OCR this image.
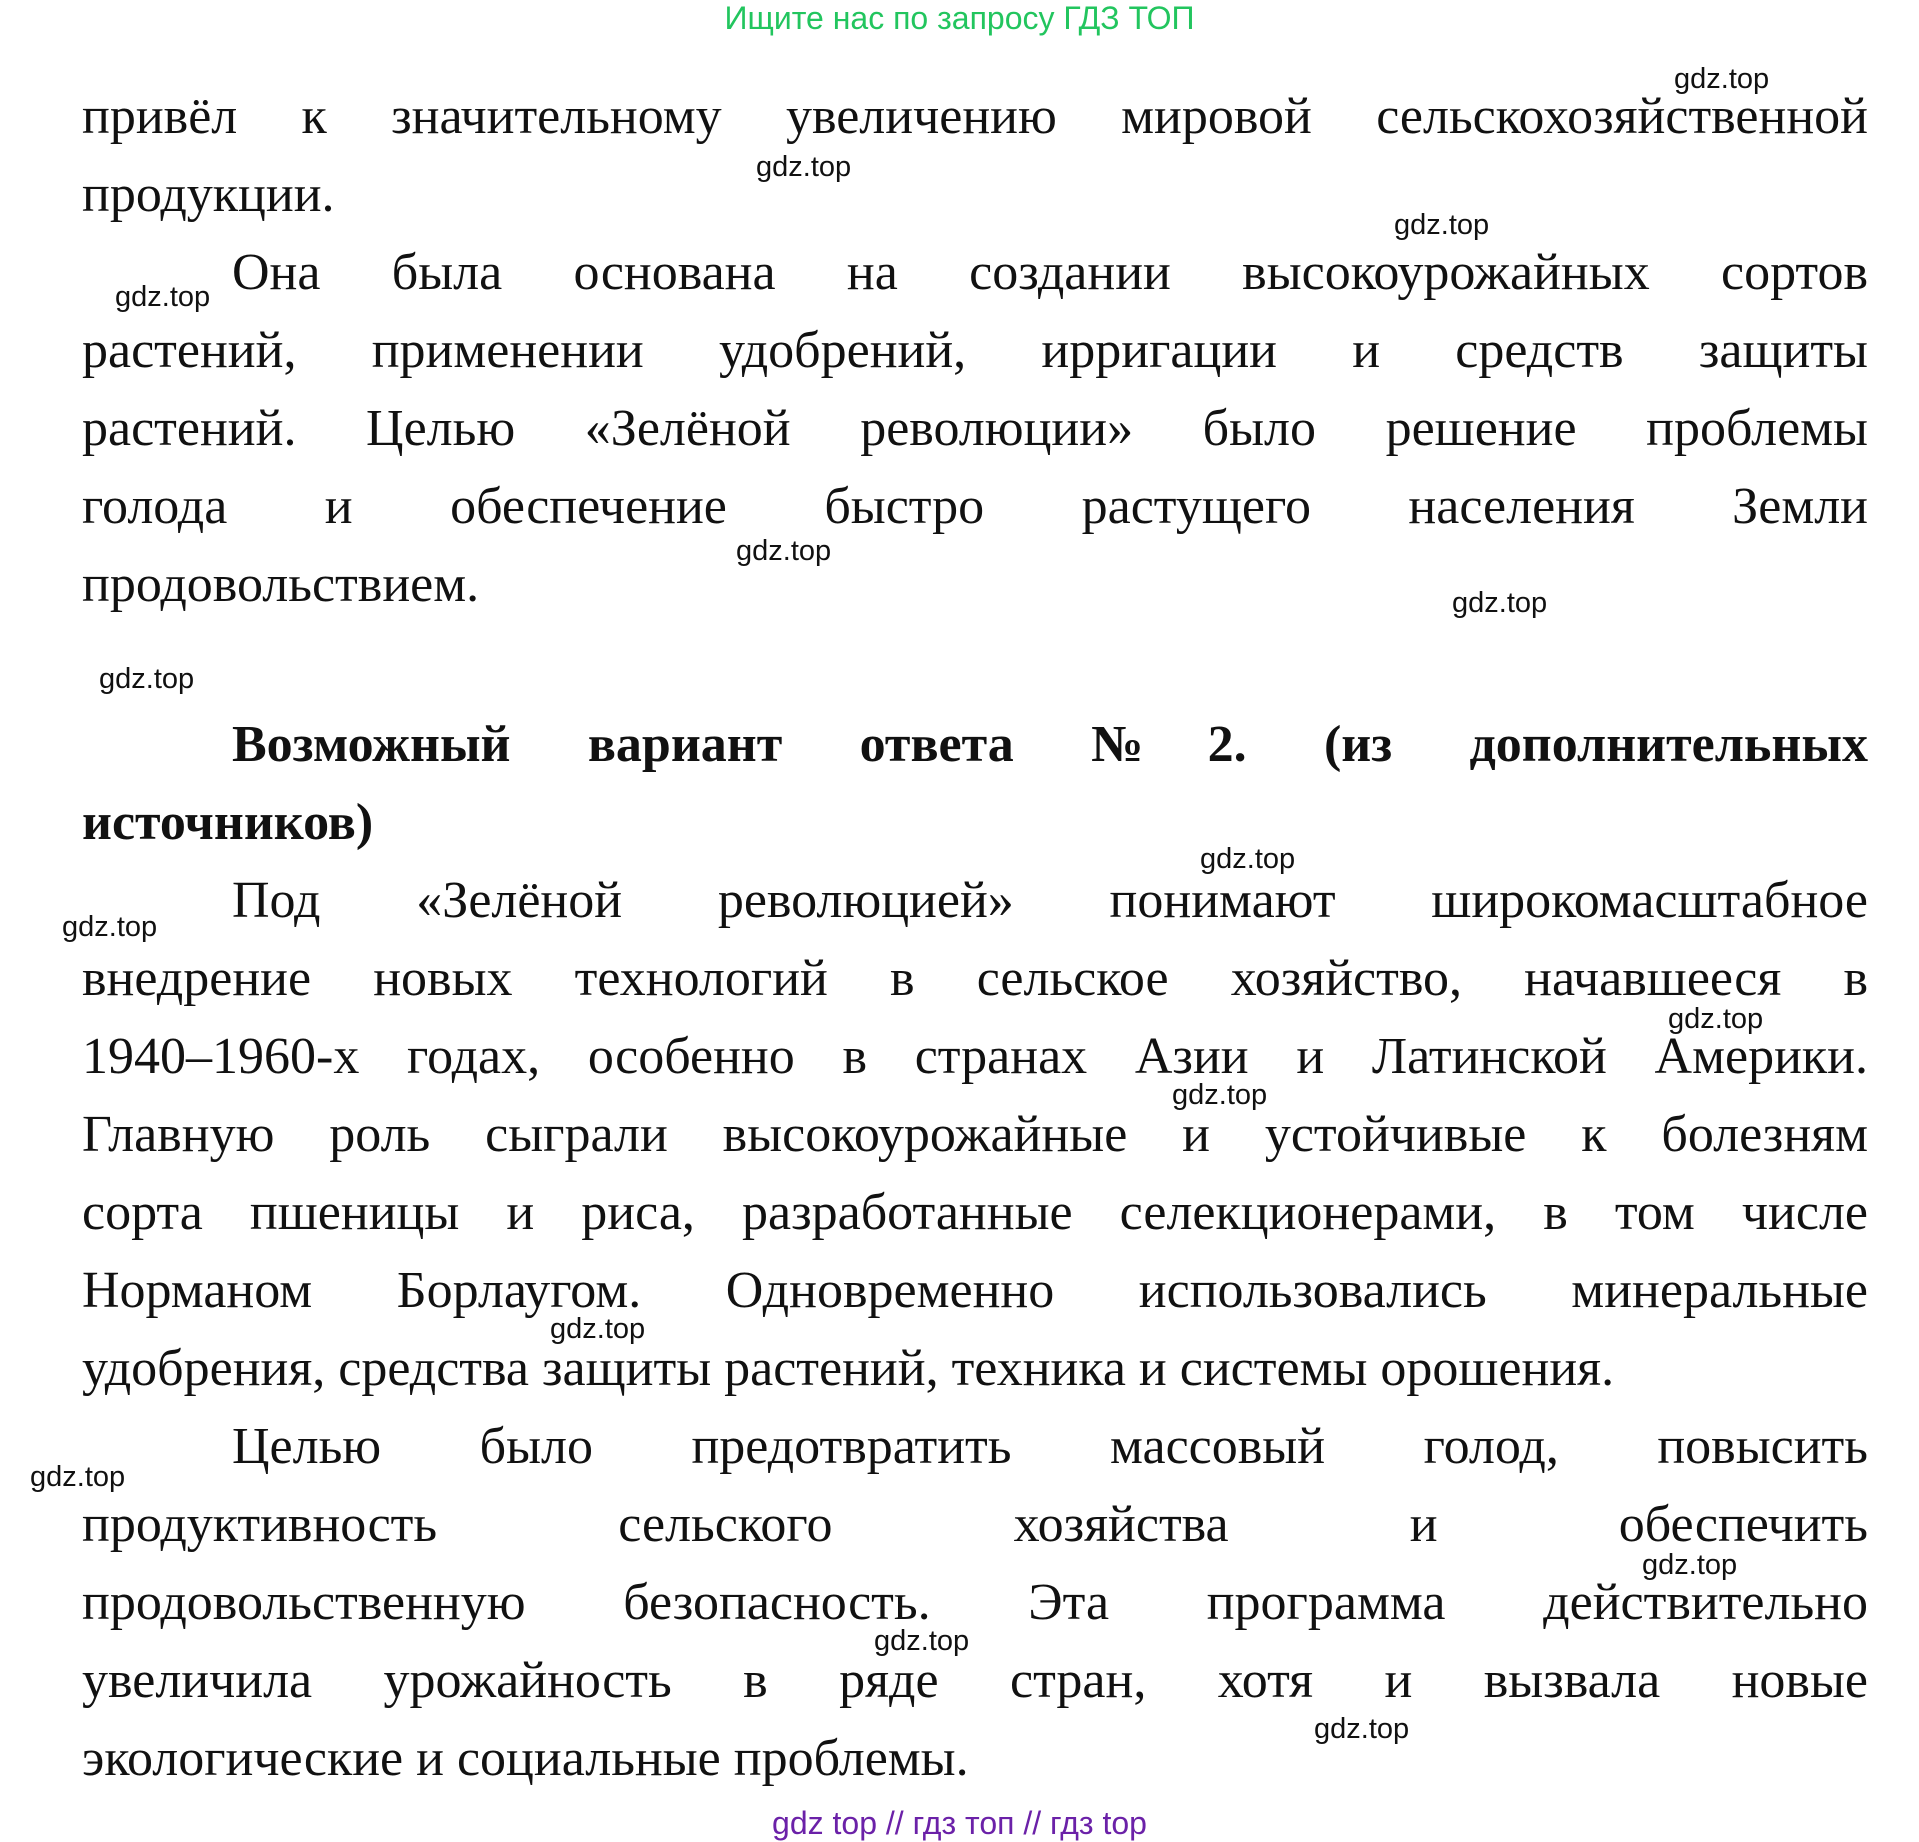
Ищите нас по запросу ГДЗ ТОП
привёл к значительному увеличению мировой сельскохозяйственной
продукции.
Она была основана на создании высокоурожайных сортов
растений, применении удобрений, ирригации и средств защиты
растений. Целью «Зелёной революции» было решение проблемы
голода и обеспечение быстро растущего населения Земли
продовольствием.
Возможный вариант ответа №2. (из дополнительных
источников)
Под «Зелёной революцией» понимают широкомасштабное
внедрение новых технологий в сельское хозяйство, начавшееся в
1940–1960-х годах, особенно в странах Азии и Латинской Америки.
Главную роль сыграли высокоурожайные и устойчивые к болезням
сорта пшеницы и риса, разработанные селекционерами, в том числе
Норманом Борлаугом. Одновременно использовались минеральные
удобрения, средства защиты растений, техника и системы орошения.
Целью было предотвратить массовый голод, повысить
продуктивность сельского хозяйства и обеспечить
продовольственную безопасность. Эта программа действительно
увеличила урожайность в ряде стран, хотя и вызвала новые
экологические и социальные проблемы.
gdz.top
gdz.top
gdz.top
gdz.top
gdz.top
gdz.top
gdz.top
gdz.top
gdz.top
gdz.top
gdz.top
gdz.top
gdz.top
gdz.top
gdz.top
gdz.top
gdz top // гдз топ // гдз top
